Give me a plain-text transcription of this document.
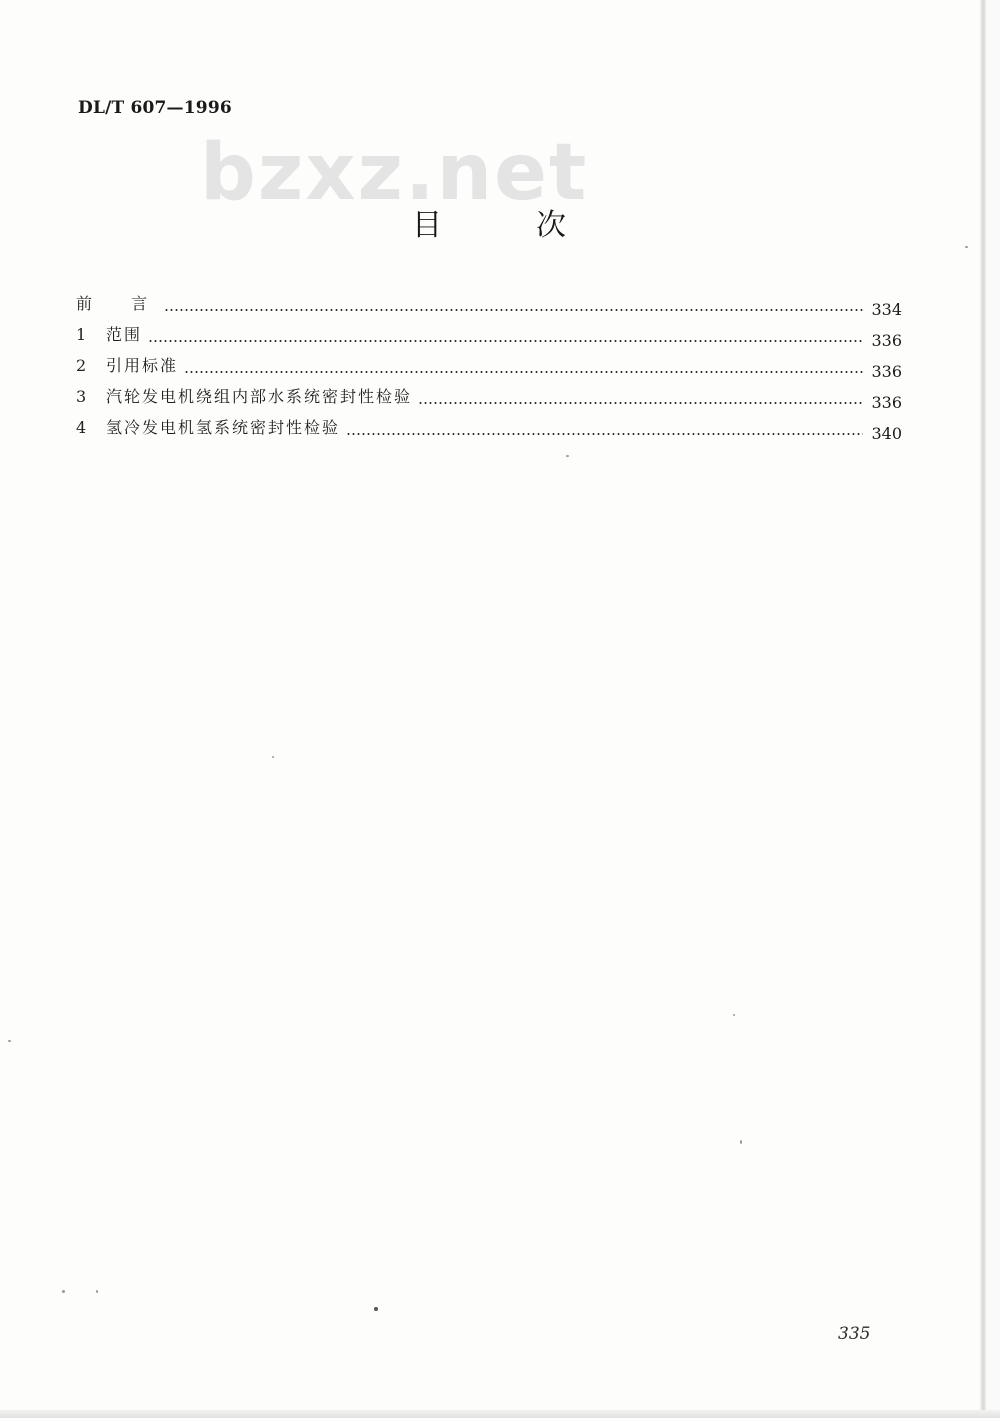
DL/T 607—1996
bzxz.net
目	次
前 言	334
1	范围	336
2	引用标准	336
3	汽轮发电机绕组内部水系统密封性检验	336
4	氢冷发电机氢系统密封性检验	340
335
